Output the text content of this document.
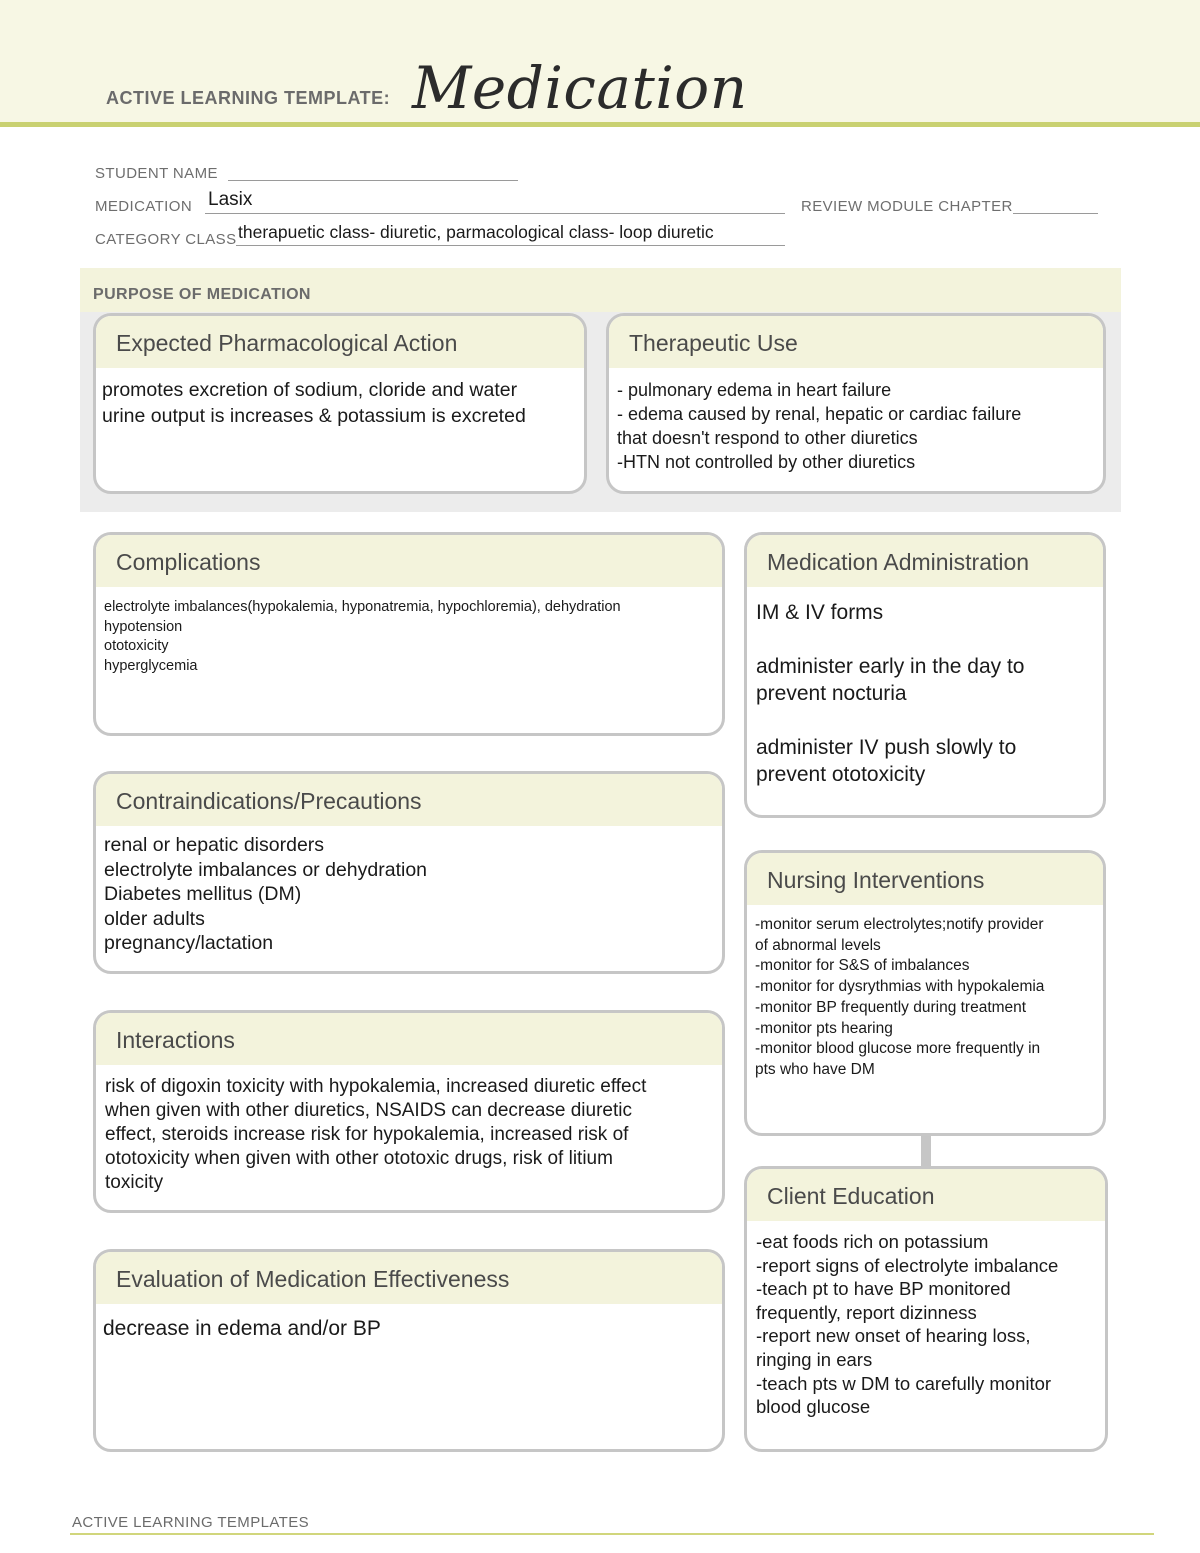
ACTIVE LEARNING TEMPLATE: Medication
STUDENT NAME
MEDICATION Lasix	REVIEW MODULE CHAPTER
CATEGORY CLASS therapuetic class- diuretic, parmacological class- loop diuretic
PURPOSE OF MEDICATION
Expected Pharmacological Action
promotes excretion of sodium, cloride and water
urine output is increases & potassium is excreted
Therapeutic Use
- pulmonary edema in heart failure
- edema caused by renal, hepatic or cardiac failure
that doesn't respond to other diuretics
-HTN not controlled by other diuretics
Complications
electrolyte imbalances(hypokalemia, hyponatremia, hypochloremia), dehydration
hypotension
ototoxicity
hyperglycemia
Medication Administration
IM & IV forms

administer early in the day to
prevent nocturia

administer IV push slowly to
prevent ototoxicity
Contraindications/Precautions
renal or hepatic disorders
electrolyte imbalances or dehydration
Diabetes mellitus (DM)
older adults
pregnancy/lactation
Nursing Interventions
-monitor serum electrolytes;notify provider
of abnormal levels
-monitor for S&S of imbalances
-monitor for dysrythmias with hypokalemia
-monitor BP frequently during treatment
-monitor pts hearing
-monitor blood glucose more frequently in
pts who have DM
Interactions
risk of digoxin toxicity with hypokalemia, increased diuretic effect
when given with other diuretics, NSAIDS can decrease diuretic
effect, steroids increase risk for hypokalemia, increased risk of
ototoxicity when given with other ototoxic drugs, risk of litium
toxicity
Client Education
-eat foods rich on potassium
-report signs of electrolyte imbalance
-teach pt to have BP monitored
frequently, report dizinness
-report new onset of hearing loss,
ringing in ears
-teach pts w DM to carefully monitor
blood glucose
Evaluation of Medication Effectiveness
decrease in edema and/or BP
ACTIVE LEARNING TEMPLATES
